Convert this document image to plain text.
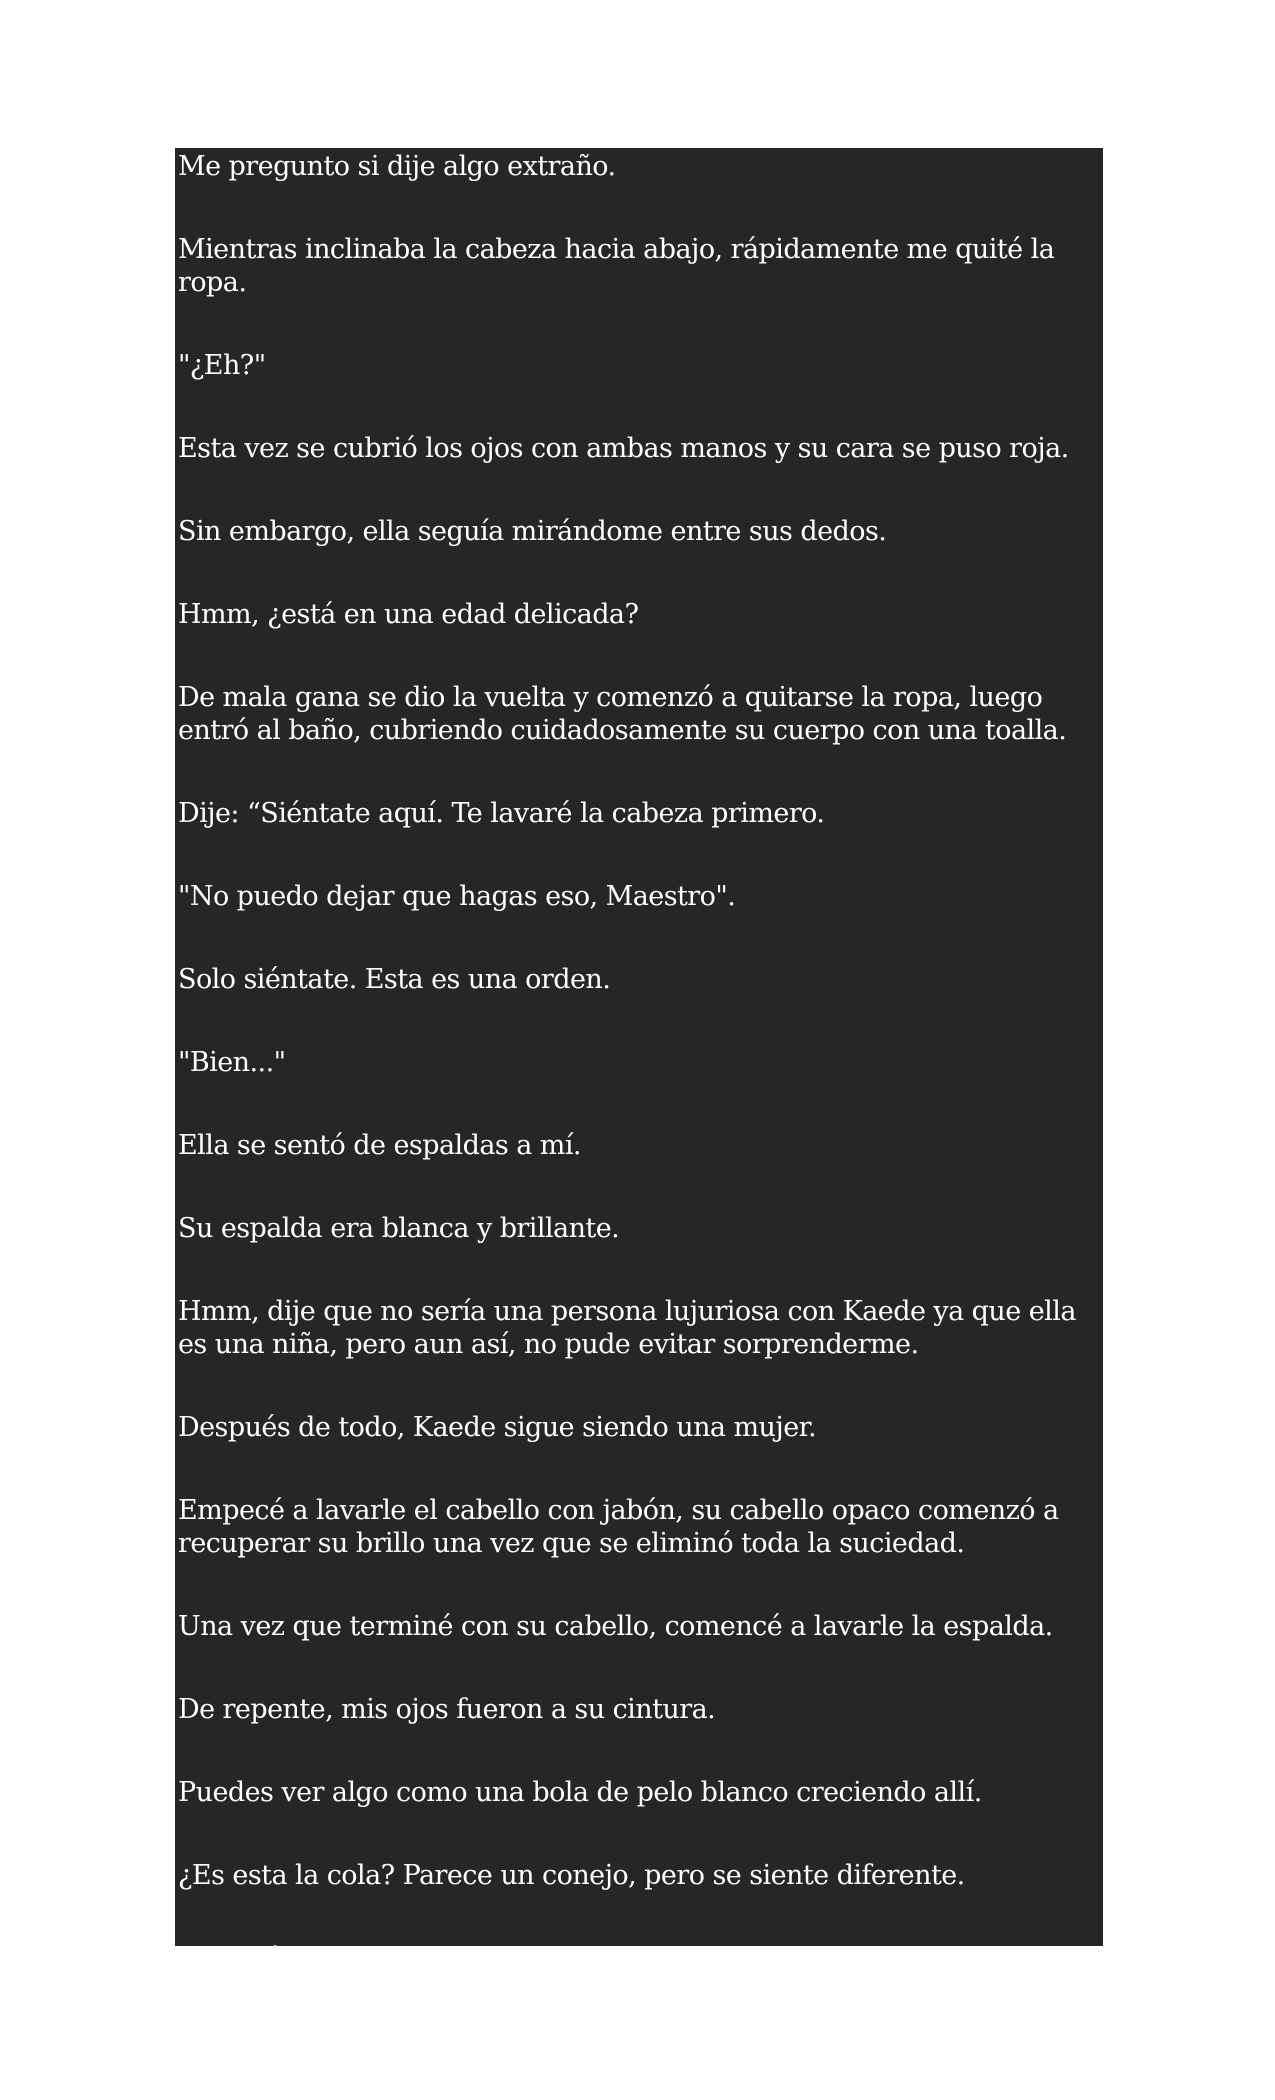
Me pregunto si dije algo extraño.

Mientras inclinaba la cabeza hacia abajo, rápidamente me quité la ropa.

"¿Eh?"

Esta vez se cubrió los ojos con ambas manos y su cara se puso roja.

Sin embargo, ella seguía mirándome entre sus dedos.

Hmm, ¿está en una edad delicada?

De mala gana se dio la vuelta y comenzó a quitarse la ropa, luego entró al baño, cubriendo cuidadosamente su cuerpo con una toalla.

Dije: “Siéntate aquí. Te lavaré la cabeza primero.

"No puedo dejar que hagas eso, Maestro".

Solo siéntate. Esta es una orden.

"Bien..."

Ella se sentó de espaldas a mí.

Su espalda era blanca y brillante.

Hmm, dije que no sería una persona lujuriosa con Kaede ya que ella es una niña, pero aun así, no pude evitar sorprenderme.

Después de todo, Kaede sigue siendo una mujer.

Empecé a lavarle el cabello con jabón, su cabello opaco comenzó a recuperar su brillo una vez que se eliminó toda la suciedad.

Una vez que terminé con su cabello, comencé a lavarle la espalda.

De repente, mis ojos fueron a su cintura.

Puedes ver algo como una bola de pelo blanco creciendo allí.

¿Es esta la cola? Parece un conejo, pero se siente diferente.

"¿A qué raza perteneces, Kaede?"
